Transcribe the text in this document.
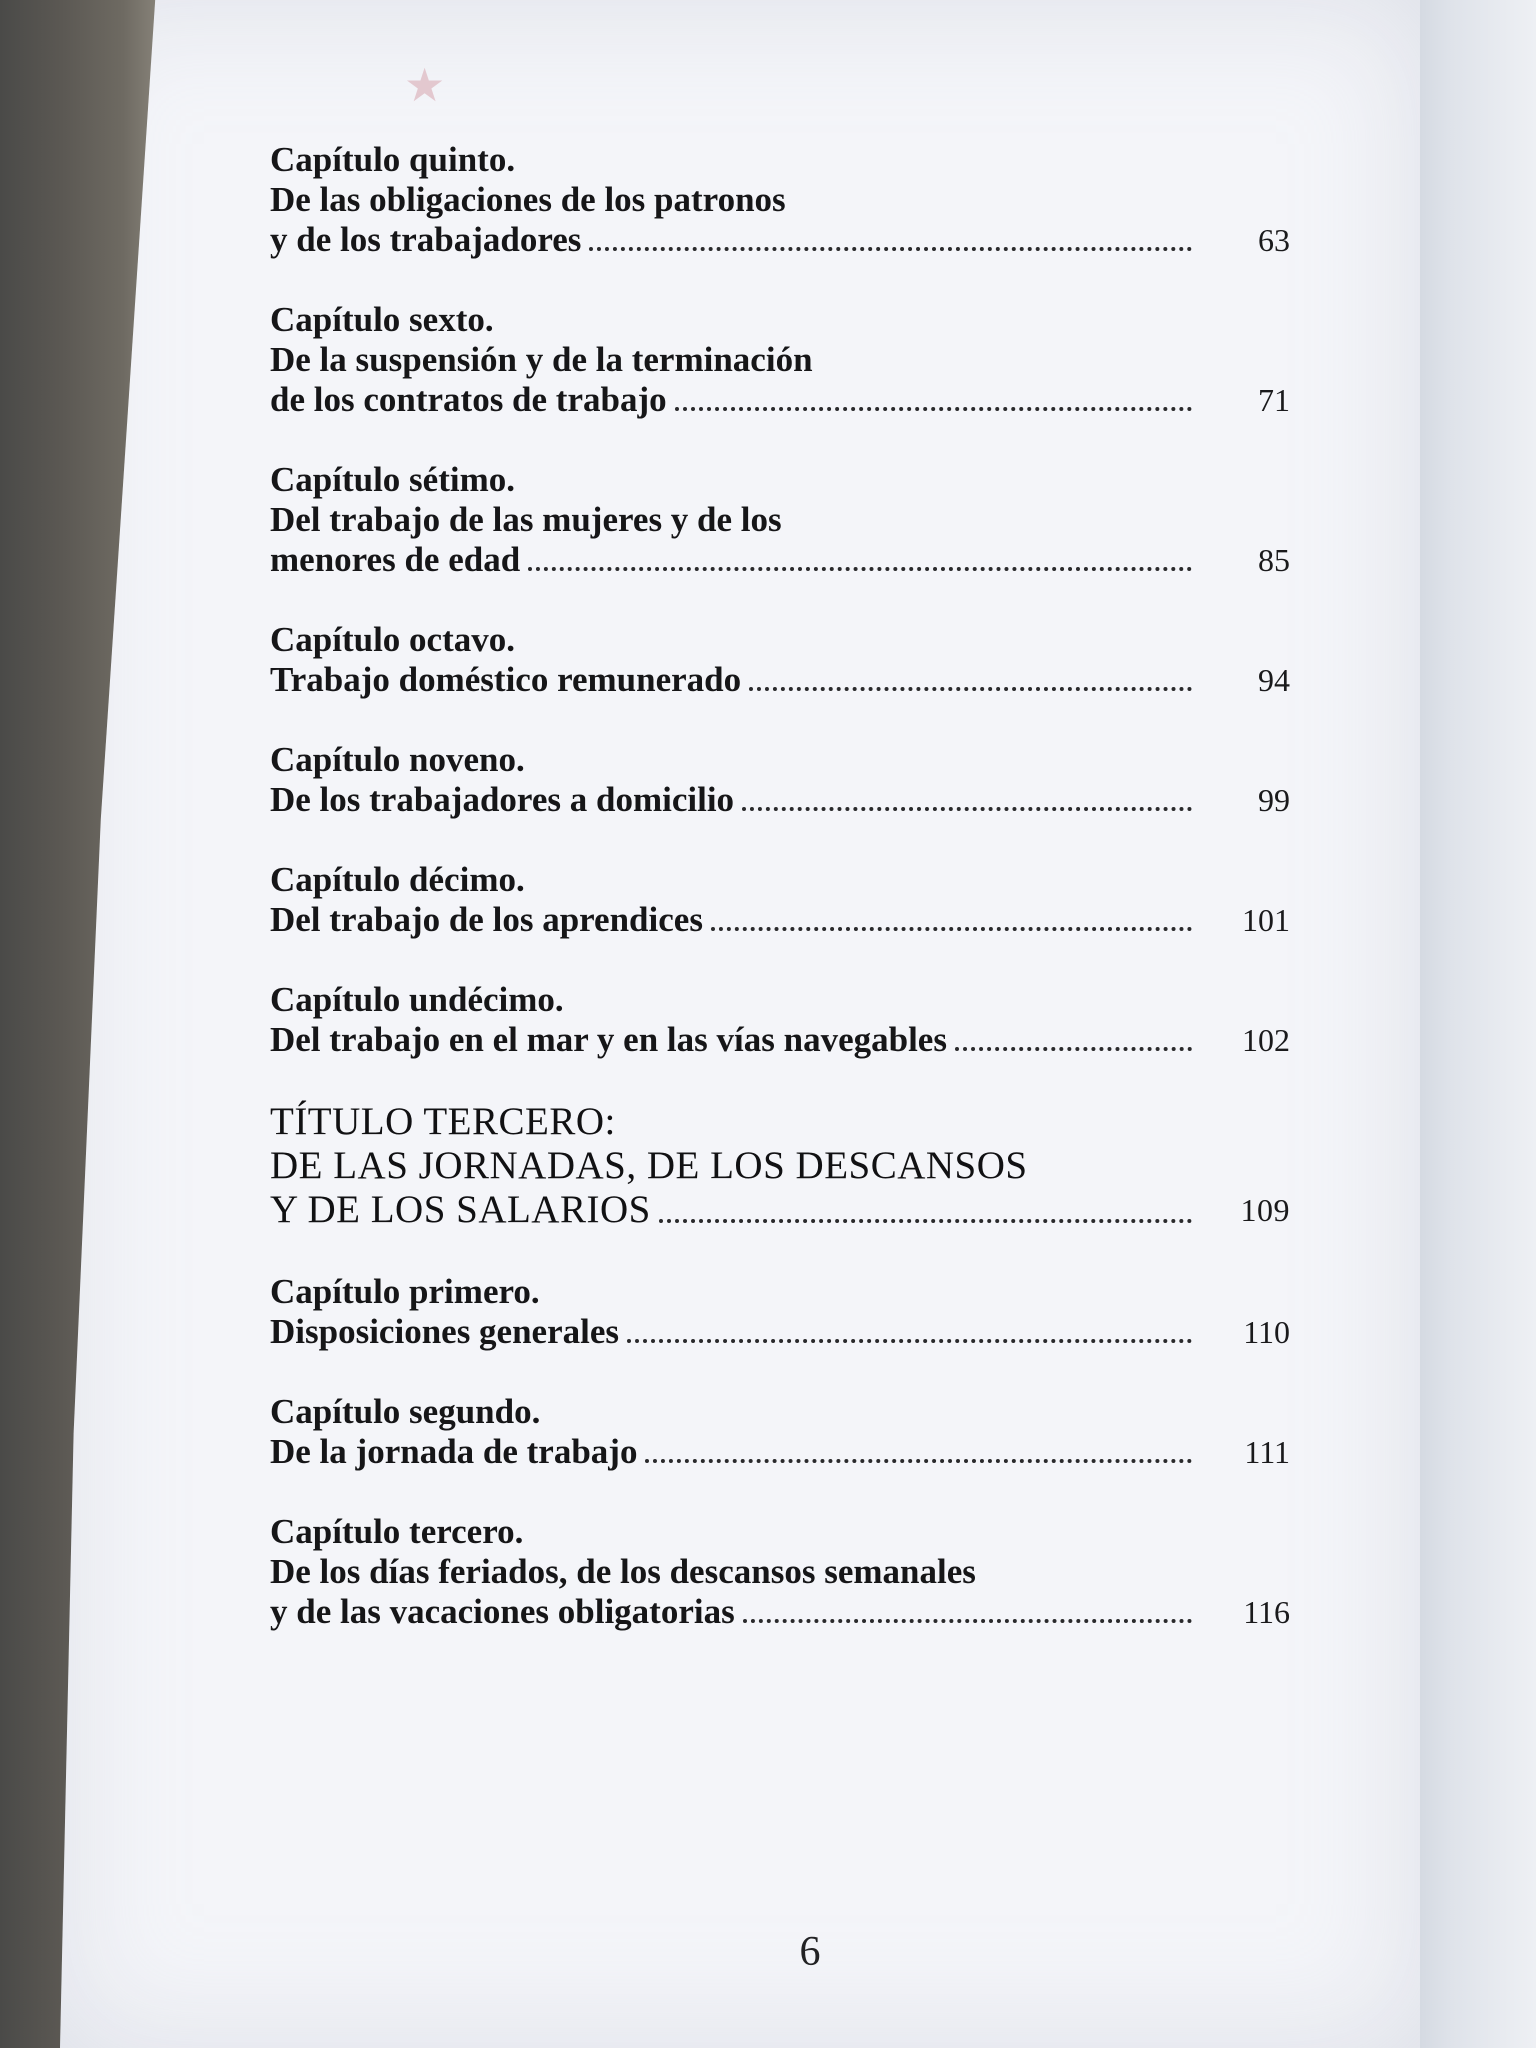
★
Capítulo quinto.
De las obligaciones de los patronos
y de los trabajadores	63
Capítulo sexto.
De la suspensión y de la terminación
de los contratos de trabajo	71
Capítulo sétimo.
Del trabajo de las mujeres y de los
menores de edad	85
Capítulo octavo.
Trabajo doméstico remunerado	94
Capítulo noveno.
De los trabajadores a domicilio	99
Capítulo décimo.
Del trabajo de los aprendices	101
Capítulo undécimo.
Del trabajo en el mar y en las vías navegables	102
TÍTULO TERCERO:
DE LAS JORNADAS, DE LOS DESCANSOS
Y DE LOS SALARIOS	109
Capítulo primero.
Disposiciones generales	110
Capítulo segundo.
De la jornada de trabajo	111
Capítulo tercero.
De los días feriados, de los descansos semanales
y de las vacaciones obligatorias	116
6
